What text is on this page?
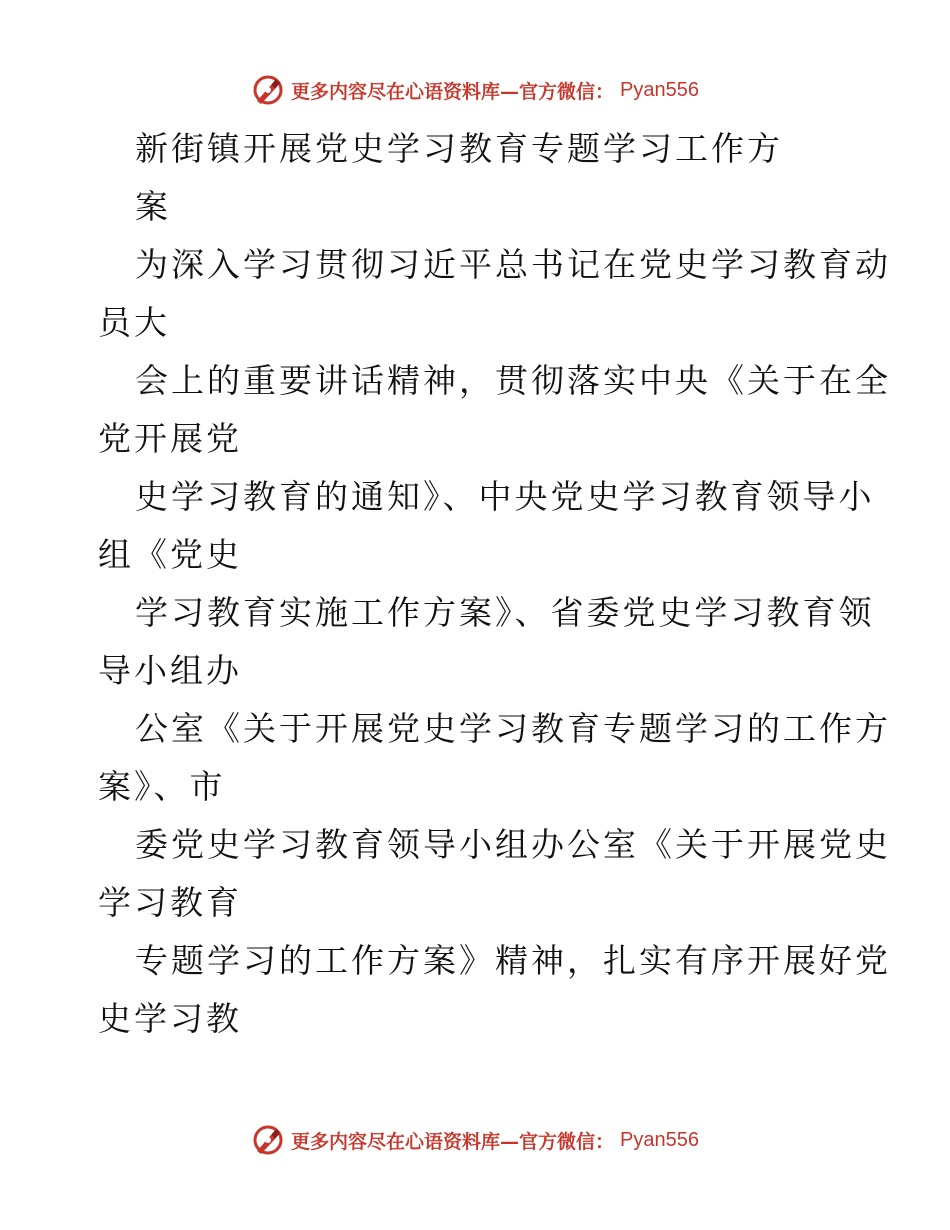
更多内容尽在心语资料库—官方微信： Pyan556
新街镇开展党史学习教育专题学习工作方
案
为深入学习贯彻习近平总书记在党史学习教育动
员大
会上的重要讲话精神，贯彻落实中央《关于在全
党开展党
史学习教育的通知》、中央党史学习教育领导小
组《党史
学习教育实施工作方案》、省委党史学习教育领
导小组办
公室《关于开展党史学习教育专题学习的工作方
案》、市
委党史学习教育领导小组办公室《关于开展党史
学习教育
专题学习的工作方案》精神，扎实有序开展好党
史学习教
更多内容尽在心语资料库—官方微信： Pyan556
